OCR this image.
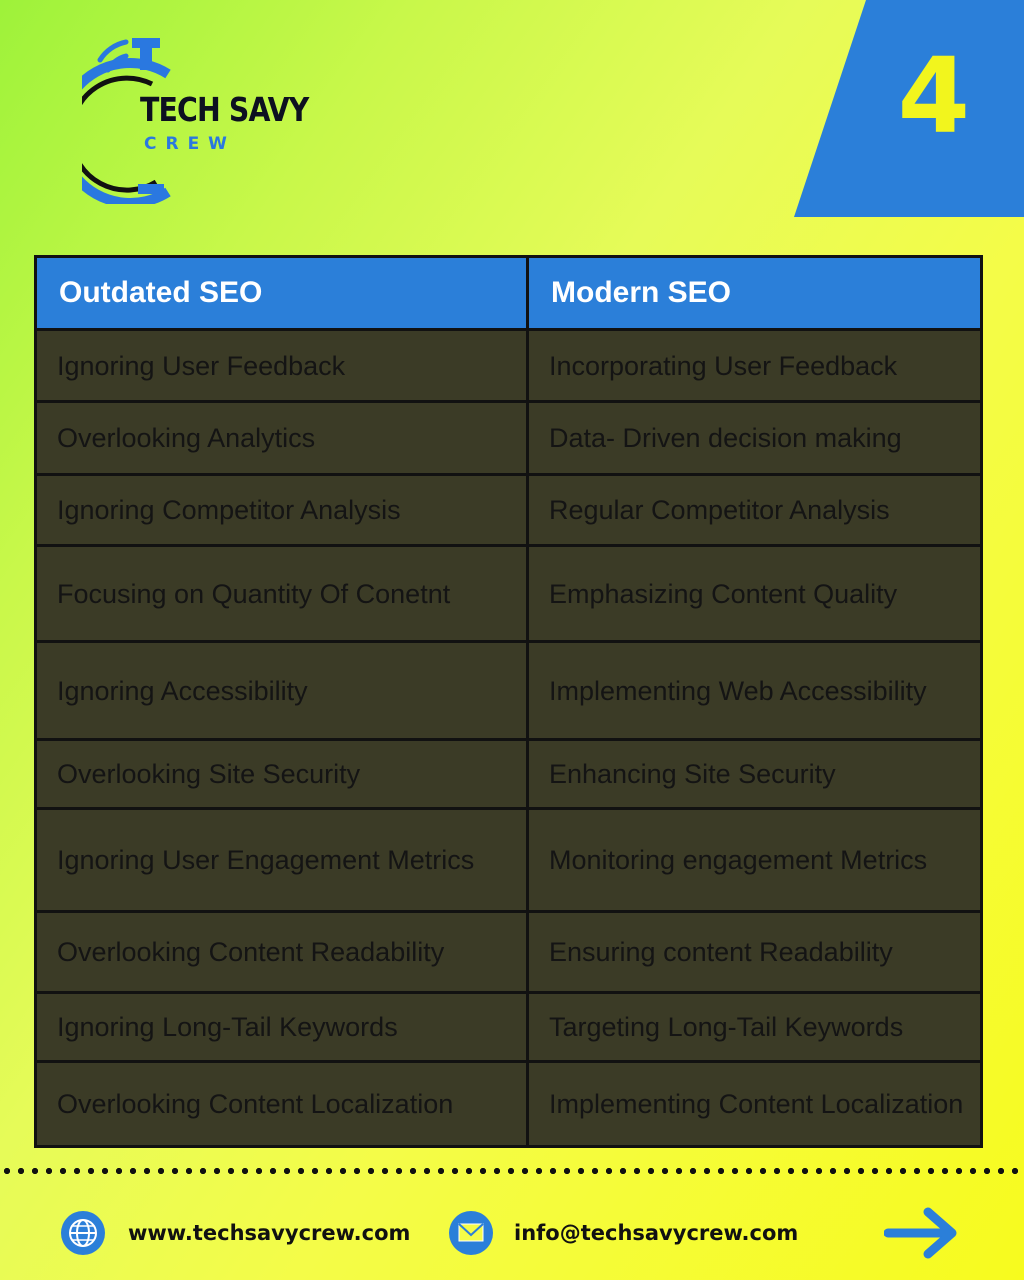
TECH SAVY
CREW	4
Outdated SEO	Modern SEO
Ignoring User Feedback	Incorporating User Feedback
Overlooking Analytics	Data- Driven decision making
Ignoring Competitor Analysis	Regular Competitor Analysis
Focusing on Quantity Of Conetnt	Emphasizing Content Quality
Ignoring Accessibility	Implementing Web Accessibility
Overlooking Site Security	Enhancing Site Security
Ignoring User Engagement Metrics	Monitoring engagement Metrics
Overlooking Content Readability	Ensuring content Readability
Ignoring Long-Tail Keywords	Targeting Long-Tail Keywords
Overlooking Content Localization	Implementing Content Localization
www.techsavycrew.com	info@techsavycrew.com
